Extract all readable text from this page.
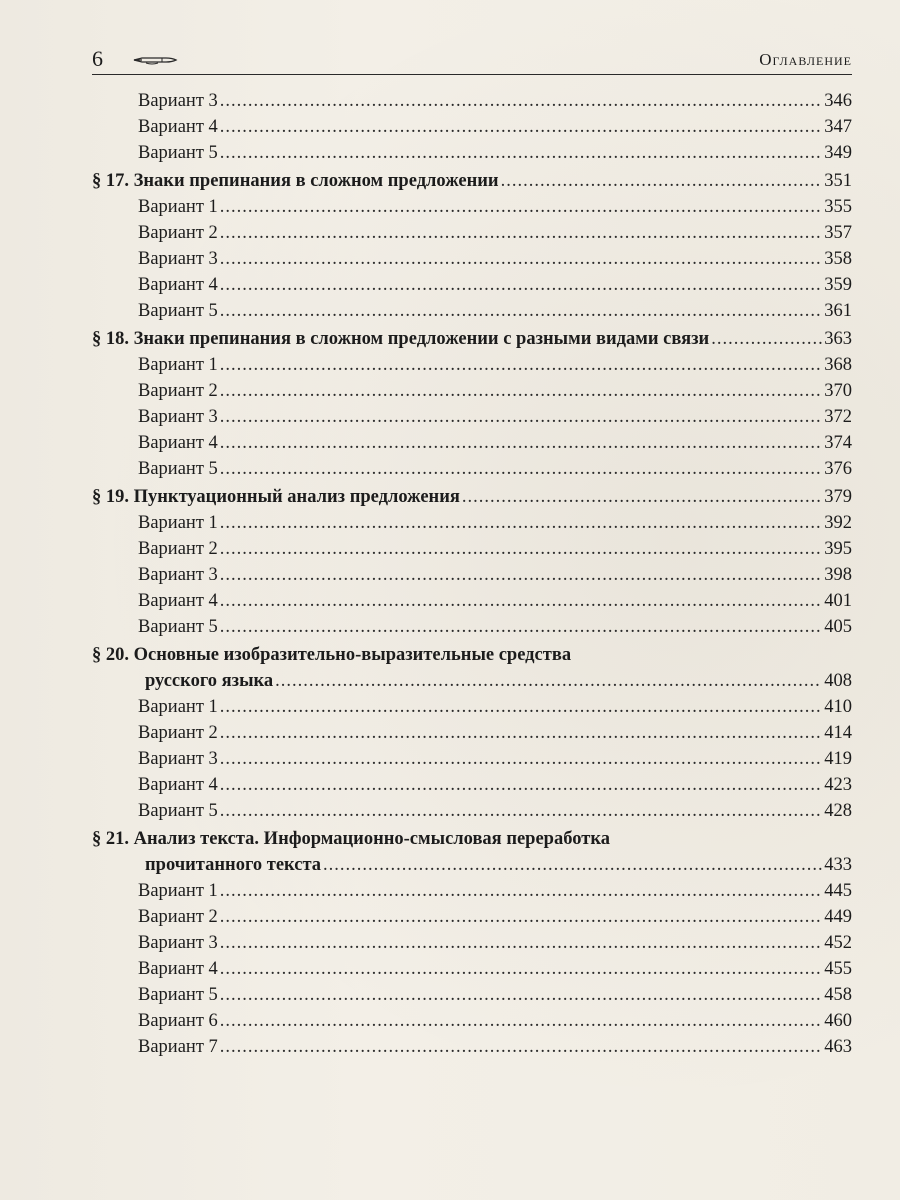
6	Оглавление
Вариант 3 .....	346
Вариант 4 .....	347
Вариант 5 .....	349
§ 17. Знаки препинания в сложном предложении .....	351
Вариант 1 .....	355
Вариант 2 .....	357
Вариант 3 .....	358
Вариант 4 .....	359
Вариант 5 .....	361
§ 18. Знаки препинания в сложном предложении с разными видами связи .....	363
Вариант 1 .....	368
Вариант 2 .....	370
Вариант 3 .....	372
Вариант 4 .....	374
Вариант 5 .....	376
§ 19. Пунктуационный анализ предложения .....	379
Вариант 1 .....	392
Вариант 2 .....	395
Вариант 3 .....	398
Вариант 4 .....	401
Вариант 5 .....	405
§ 20. Основные изобразительно-выразительные средства
русского языка .....	408
Вариант 1 .....	410
Вариант 2 .....	414
Вариант 3 .....	419
Вариант 4 .....	423
Вариант 5 .....	428
§ 21. Анализ текста. Информационно-смысловая переработка
прочитанного текста .....	433
Вариант 1 .....	445
Вариант 2 .....	449
Вариант 3 .....	452
Вариант 4 .....	455
Вариант 5 .....	458
Вариант 6 .....	460
Вариант 7 .....	463
